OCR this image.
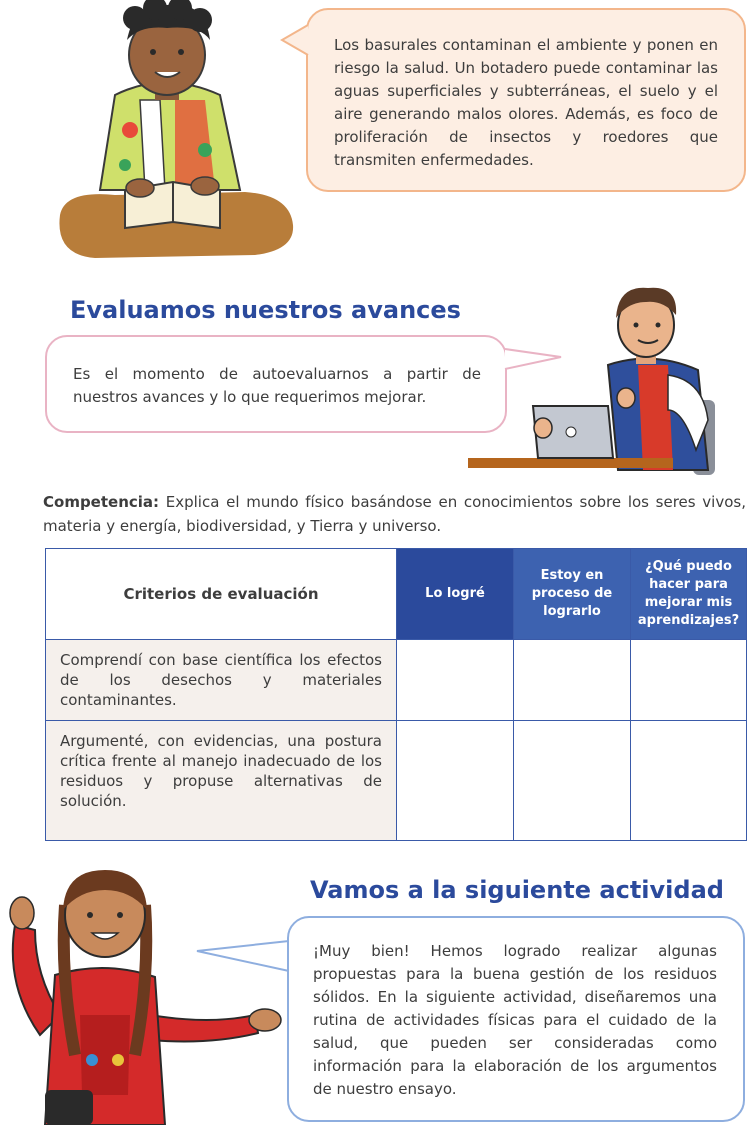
Los basurales contaminan el ambiente y ponen en riesgo la salud. Un botadero puede contaminar las aguas superficiales y subterráneas, el suelo y el aire generando malos olores. Además, es foco de proliferación de insectos y roedores que transmiten enfermedades.
Evaluamos nuestros avances
Es el momento de autoevaluarnos a partir de nuestros avances y lo que requerimos mejorar.
Competencia: Explica el mundo físico basándose en conocimientos sobre los seres vivos, materia y energía, biodiversidad, y Tierra y universo.
Criterios de evaluación	Lo logré	Estoy en proceso de lograrlo	¿Qué puedo hacer para mejorar mis aprendizajes?
Comprendí con base científica los efectos de los desechos y materiales contaminantes.			
Argumenté, con evidencias, una postura crítica frente al manejo inadecuado de los residuos y propuse alternativas de solución.			
Vamos a la siguiente actividad
¡Muy bien! Hemos logrado realizar algunas propuestas para la buena gestión de los residuos sólidos. En la siguiente actividad, diseñaremos una rutina de actividades físicas para el cuidado de la salud, que pueden ser consideradas como información para la elaboración de los argumentos de nuestro ensayo.
